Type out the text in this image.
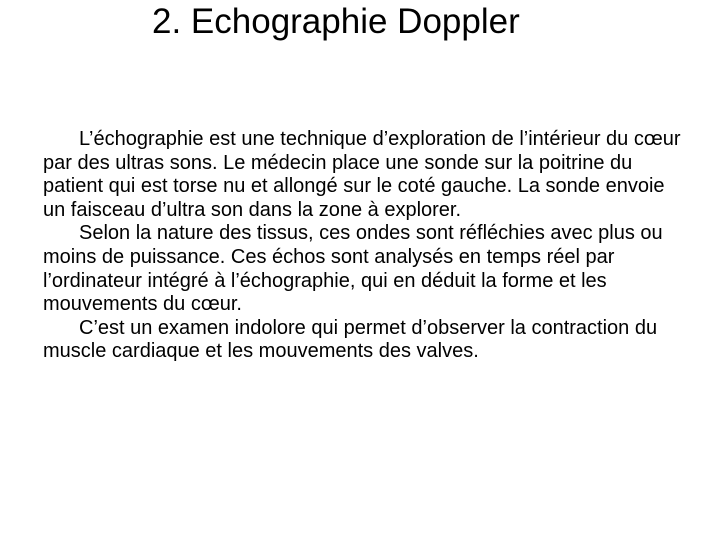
2. Echographie Doppler

L’échographie est une technique d’exploration de l’intérieur du cœur par des ultras sons. Le médecin place une sonde sur la poitrine du patient qui est torse nu et allongé sur le coté gauche. La sonde envoie un faisceau d’ultra son dans la zone à explorer.

Selon la nature des tissus, ces ondes sont réfléchies avec plus ou moins de puissance. Ces échos sont analysés en temps réel par l’ordinateur intégré à l’échographie, qui en déduit la forme et les mouvements du cœur.

C’est un examen indolore qui permet d’observer la contraction du muscle cardiaque et les mouvements des valves.
